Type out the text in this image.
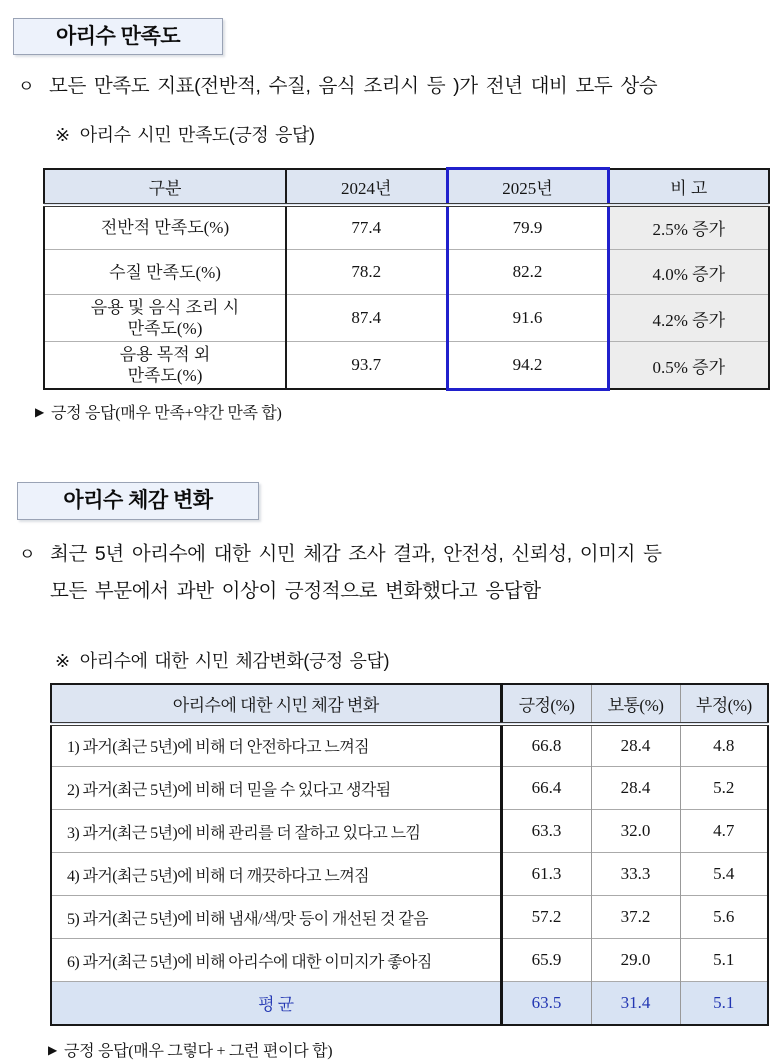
아리수 만족도
ㅇ 모든 만족도 지표(전반적, 수질, 음식 조리시 등 )가 전년 대비 모두 상승
※ 아리수 시민 만족도(긍정 응답)
구분	2024년	2025년	비 고
전반적 만족도(%)	77.4	79.9	2.5% 증가
수질 만족도(%)	78.2	82.2	4.0% 증가
음용 및 음식 조리 시
만족도(%)	87.4	91.6	4.2% 증가
음용 목적 외
만족도(%)	93.7	94.2	0.5% 증가
▶ 긍정 응답(매우 만족+약간 만족 합)
아리수 체감 변화
ㅇ 최근 5년 아리수에 대한 시민 체감 조사 결과, 안전성, 신뢰성, 이미지 등
모든 부문에서 과반 이상이 긍정적으로 변화했다고 응답함
※ 아리수에 대한 시민 체감변화(긍정 응답)
아리수에 대한 시민 체감 변화	긍정(%)	보통(%)	부정(%)
1) 과거(최근 5년)에 비해 더 안전하다고 느껴짐	66.8	28.4	4.8
2) 과거(최근 5년)에 비해 더 믿을 수 있다고 생각됨	66.4	28.4	5.2
3) 과거(최근 5년)에 비해 관리를 더 잘하고 있다고 느낌	63.3	32.0	4.7
4) 과거(최근 5년)에 비해 더 깨끗하다고 느껴짐	61.3	33.3	5.4
5) 과거(최근 5년)에 비해 냄새/색/맛 등이 개선된 것 같음	57.2	37.2	5.6
6) 과거(최근 5년)에 비해 아리수에 대한 이미지가 좋아짐	65.9	29.0	5.1
평 균	63.5	31.4	5.1
▶ 긍정 응답(매우 그렇다 + 그런 편이다 합)
